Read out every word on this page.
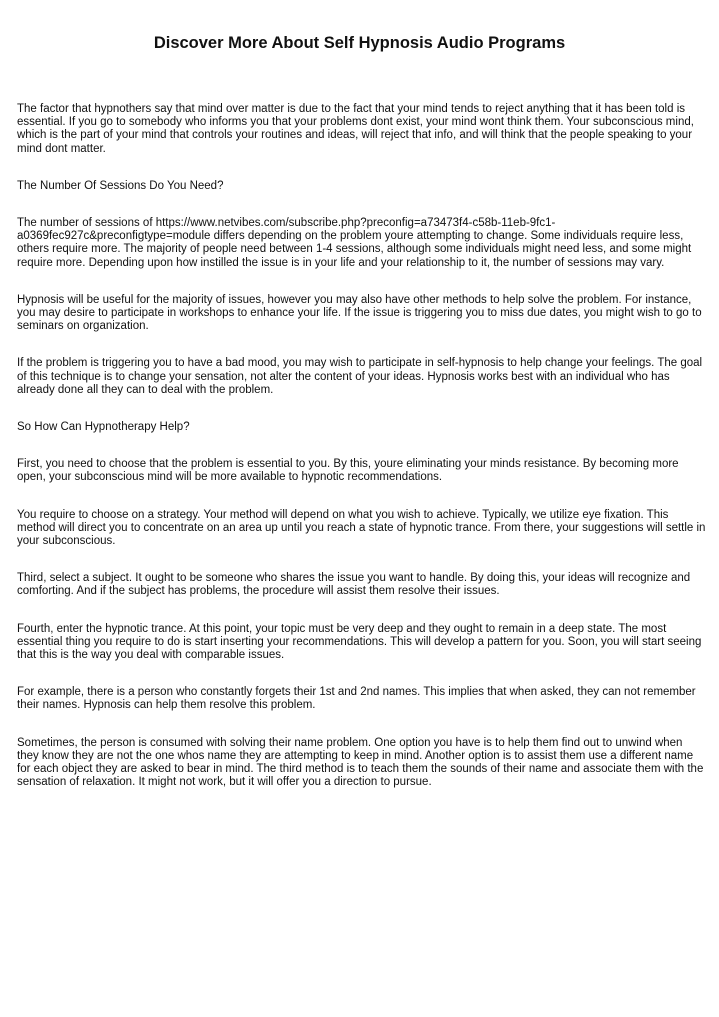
Discover More About Self Hypnosis Audio Programs

The factor that hypnothers say that mind over matter is due to the fact that your mind tends to reject anything that it has been told is essential. If you go to somebody who informs you that your problems dont exist, your mind wont think them. Your subconscious mind, which is the part of your mind that controls your routines and ideas, will reject that info, and will think that the people speaking to your mind dont matter.

The Number Of Sessions Do You Need?

The number of sessions of https://www.netvibes.com/subscribe.php?preconfig=a73473f4-c58b-11eb-9fc1-a0369fec927c&preconfigtype=module differs depending on the problem youre attempting to change. Some individuals require less, others require more. The majority of people need between 1-4 sessions, although some individuals might need less, and some might require more. Depending upon how instilled the issue is in your life and your relationship to it, the number of sessions may vary.

Hypnosis will be useful for the majority of issues, however you may also have other methods to help solve the problem. For instance, you may desire to participate in workshops to enhance your life. If the issue is triggering you to miss due dates, you might wish to go to seminars on organization.

If the problem is triggering you to have a bad mood, you may wish to participate in self-hypnosis to help change your feelings. The goal of this technique is to change your sensation, not alter the content of your ideas. Hypnosis works best with an individual who has already done all they can to deal with the problem.

So How Can Hypnotherapy Help?

First, you need to choose that the problem is essential to you. By this, youre eliminating your minds resistance. By becoming more open, your subconscious mind will be more available to hypnotic recommendations.

You require to choose on a strategy. Your method will depend on what you wish to achieve. Typically, we utilize eye fixation. This method will direct you to concentrate on an area up until you reach a state of hypnotic trance. From there, your suggestions will settle in your subconscious.

Third, select a subject. It ought to be someone who shares the issue you want to handle. By doing this, your ideas will recognize and comforting. And if the subject has problems, the procedure will assist them resolve their issues.

Fourth, enter the hypnotic trance. At this point, your topic must be very deep and they ought to remain in a deep state. The most essential thing you require to do is start inserting your recommendations. This will develop a pattern for you. Soon, you will start seeing that this is the way you deal with comparable issues.

For example, there is a person who constantly forgets their 1st and 2nd names. This implies that when asked, they can not remember their names. Hypnosis can help them resolve this problem.

Sometimes, the person is consumed with solving their name problem. One option you have is to help them find out to unwind when they know they are not the one whos name they are attempting to keep in mind. Another option is to assist them use a different name for each object they are asked to bear in mind. The third method is to teach them the sounds of their name and associate them with the sensation of relaxation. It might not work, but it will offer you a direction to pursue.
